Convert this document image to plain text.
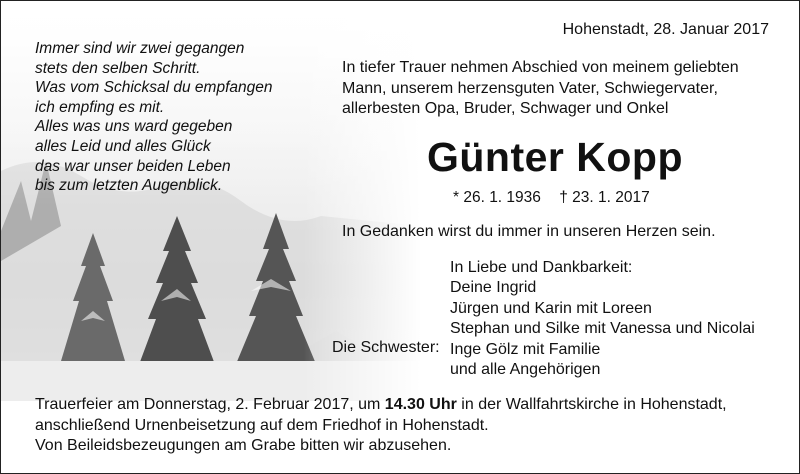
Hohenstadt, 28. Januar 2017
Immer sind wir zwei gegangen
stets den selben Schritt.
Was vom Schicksal du empfangen
ich empfing es mit.
Alles was uns ward gegeben
alles Leid und alles Glück
das war unser beiden Leben
bis zum letzten Augenblick.
In tiefer Trauer nehmen Abschied von meinem geliebten
Mann, unserem herzensguten Vater, Schwiegervater,
allerbesten Opa, Bruder, Schwager und Onkel
Günter Kopp
* 26. 1. 1936 † 23. 1. 2017
In Gedanken wirst du immer in unseren Herzen sein.
In Liebe und Dankbarkeit:
Deine Ingrid
Jürgen und Karin mit Loreen
Stephan und Silke mit Vanessa und Nicolai
Inge Gölz mit Familie
und alle Angehörigen
Die Schwester:
Trauerfeier am Donnerstag, 2. Februar 2017, um 14.30 Uhr in der Wallfahrtskirche in Hohenstadt,
anschließend Urnenbeisetzung auf dem Friedhof in Hohenstadt.
Von Beileidsbezeugungen am Grabe bitten wir abzusehen.
